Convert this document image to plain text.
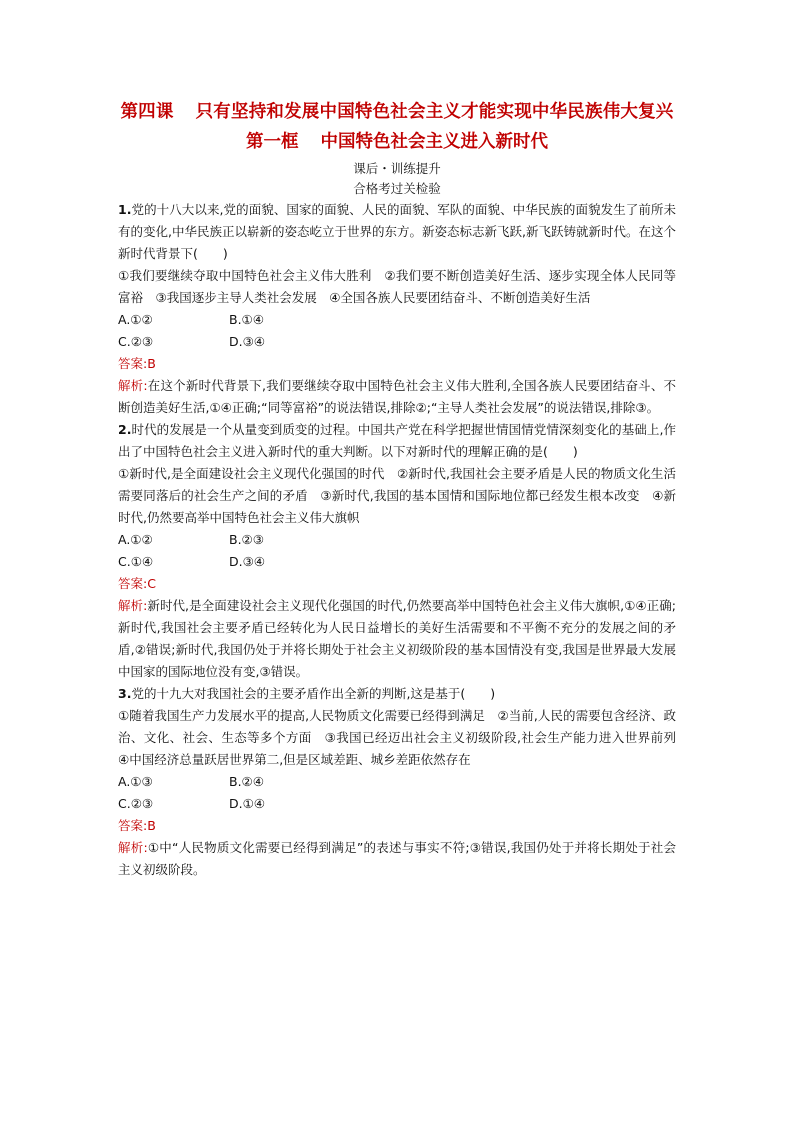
第四课 只有坚持和发展中国特色社会主义才能实现中华民族伟大复兴
第一框 中国特色社会主义进入新时代
课后・训练提升
合格考过关检验
1.党的十八大以来,党的面貌、国家的面貌、人民的面貌、军队的面貌、中华民族的面貌发生了前所未有的变化,中华民族正以崭新的姿态屹立于世界的东方。新姿态标志新飞跃,新飞跃铸就新时代。在这个新时代背景下(　　)
①我们要继续夺取中国特色社会主义伟大胜利　②我们要不断创造美好生活、逐步实现全体人民同等富裕　③我国逐步主导人类社会发展　④全国各族人民要团结奋斗、不断创造美好生活
A.①②	B.①④
C.②③	D.③④
答案:B
解析:在这个新时代背景下,我们要继续夺取中国特色社会主义伟大胜利,全国各族人民要团结奋斗、不断创造美好生活,①④正确;“同等富裕”的说法错误,排除②;“主导人类社会发展”的说法错误,排除③。
2.时代的发展是一个从量变到质变的过程。中国共产党在科学把握世情国情党情深刻变化的基础上,作出了中国特色社会主义进入新时代的重大判断。以下对新时代的理解正确的是(　　)
①新时代,是全面建设社会主义现代化强国的时代　②新时代,我国社会主要矛盾是人民的物质文化生活需要同落后的社会生产之间的矛盾　③新时代,我国的基本国情和国际地位都已经发生根本改变　④新时代,仍然要高举中国特色社会主义伟大旗帜
A.①②	B.②③
C.①④	D.③④
答案:C
解析:新时代,是全面建设社会主义现代化强国的时代,仍然要高举中国特色社会主义伟大旗帜,①④正确;新时代,我国社会主要矛盾已经转化为人民日益增长的美好生活需要和不平衡不充分的发展之间的矛盾,②错误;新时代,我国仍处于并将长期处于社会主义初级阶段的基本国情没有变,我国是世界最大发展中国家的国际地位没有变,③错误。
3.党的十九大对我国社会的主要矛盾作出全新的判断,这是基于(　　)
①随着我国生产力发展水平的提高,人民物质文化需要已经得到满足　②当前,人民的需要包含经济、政治、文化、社会、生态等多个方面　③我国已经迈出社会主义初级阶段,社会生产能力进入世界前列　④中国经济总量跃居世界第二,但是区域差距、城乡差距依然存在
A.①③	B.②④
C.②③	D.①④
答案:B
解析:①中“人民物质文化需要已经得到满足”的表述与事实不符;③错误,我国仍处于并将长期处于社会主义初级阶段。
